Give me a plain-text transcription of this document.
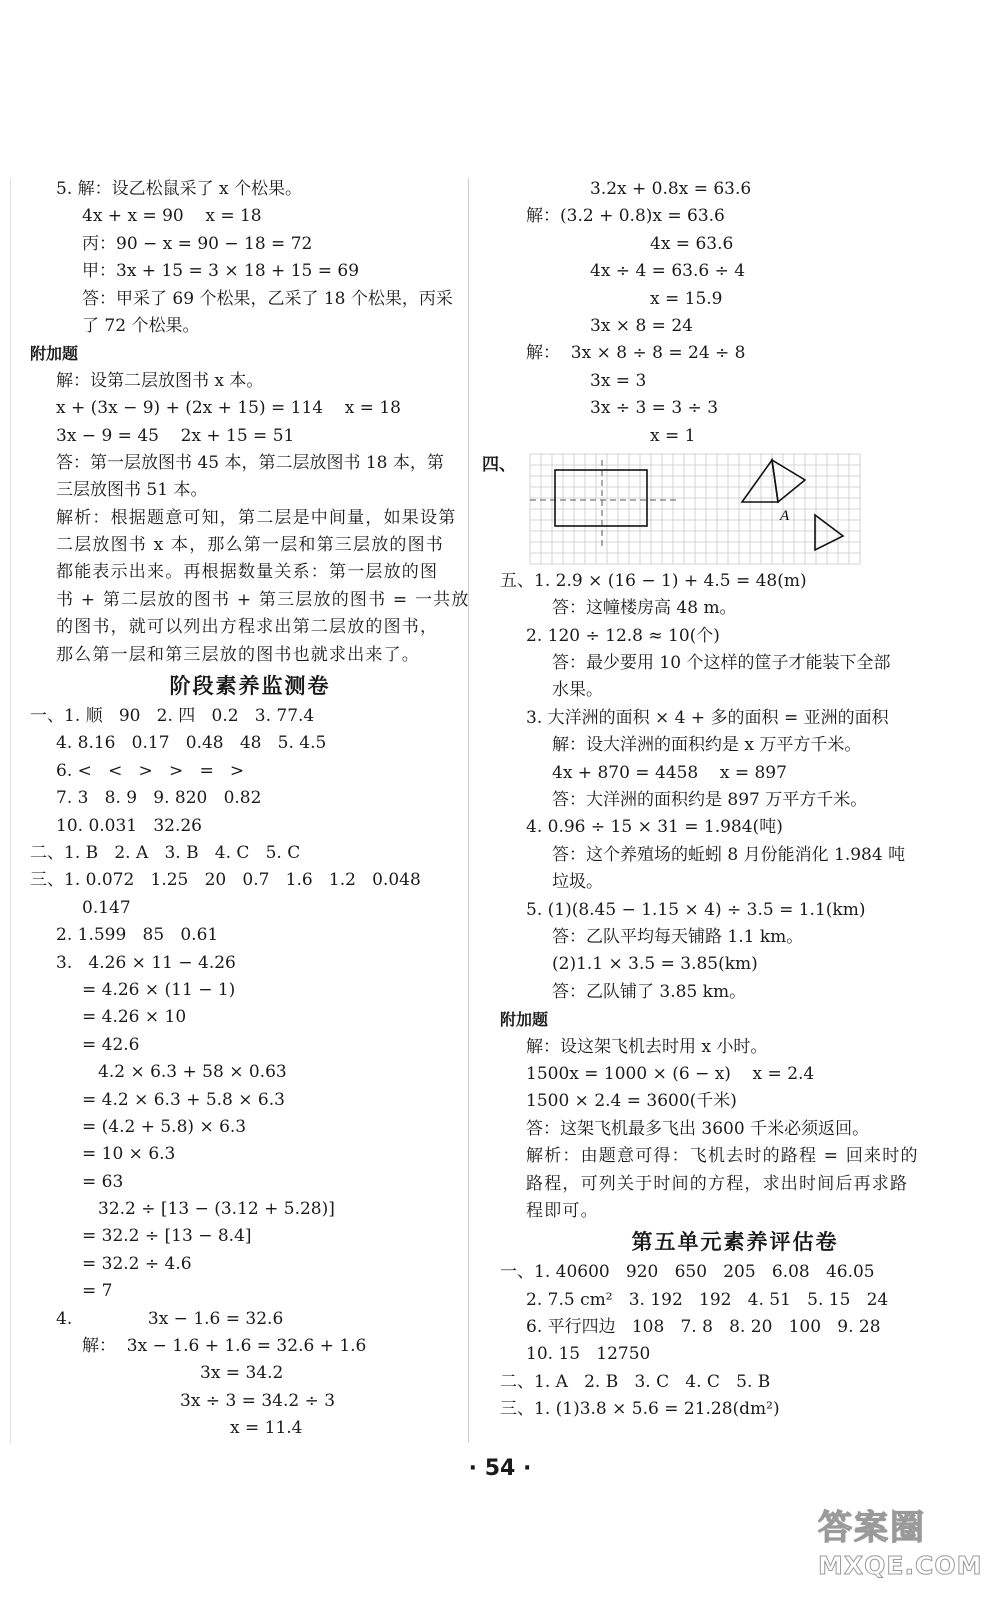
5. 解：设乙松鼠采了 x 个松果。
4x + x = 90    x = 18
丙：90 − x = 90 − 18 = 72
甲：3x + 15 = 3 × 18 + 15 = 69
答：甲采了 69 个松果，乙采了 18 个松果，丙采
了 72 个松果。
附加题
解：设第二层放图书 x 本。
x + (3x − 9) + (2x + 15) = 114    x = 18
3x − 9 = 45    2x + 15 = 51
答：第一层放图书 45 本，第二层放图书 18 本，第
三层放图书 51 本。
解析：根据题意可知，第二层是中间量，如果设第
二层放图书 x 本，那么第一层和第三层放的图书
都能表示出来。再根据数量关系：第一层放的图
书 + 第二层放的图书 + 第三层放的图书 = 一共放
的图书，就可以列出方程求出第二层放的图书，
那么第一层和第三层放的图书也就求出来了。
阶段素养监测卷
一、1. 顺   90   2. 四   0.2   3. 77.4
4. 8.16   0.17   0.48   48   5. 4.5
6. <   <   >   >   =   >
7. 3   8. 9   9. 820   0.82
10. 0.031   32.26
二、1. B   2. A   3. B   4. C   5. C
三、1. 0.072   1.25   20   0.7   1.6   1.2   0.048
0.147
2. 1.599   85   0.61
3.   4.26 × 11 − 4.26
= 4.26 × (11 − 1)
= 4.26 × 10
= 42.6
4.2 × 6.3 + 58 × 0.63
= 4.2 × 6.3 + 5.8 × 6.3
= (4.2 + 5.8) × 6.3
= 10 × 6.3
= 63
32.2 ÷ [13 − (3.12 + 5.28)]
= 32.2 ÷ [13 − 8.4]
= 32.2 ÷ 4.6
= 7
4.              3x − 1.6 = 32.6
解：  3x − 1.6 + 1.6 = 32.6 + 1.6
3x = 34.2
3x ÷ 3 = 34.2 ÷ 3
x = 11.4
3.2x + 0.8x = 63.6
解：(3.2 + 0.8)x = 63.6
4x = 63.6
4x ÷ 4 = 63.6 ÷ 4
x = 15.9
3x × 8 = 24
解：  3x × 8 ÷ 8 = 24 ÷ 8
3x = 3
3x ÷ 3 = 3 ÷ 3
x = 1
四、
A
五、1. 2.9 × (16 − 1) + 4.5 = 48(m)
答：这幢楼房高 48 m。
2. 120 ÷ 12.8 ≈ 10(个)
答：最少要用 10 个这样的筐子才能装下全部
水果。
3. 大洋洲的面积 × 4 + 多的面积 = 亚洲的面积
解：设大洋洲的面积约是 x 万平方千米。
4x + 870 = 4458    x = 897
答：大洋洲的面积约是 897 万平方千米。
4. 0.96 ÷ 15 × 31 = 1.984(吨)
答：这个养殖场的蚯蚓 8 月份能消化 1.984 吨
垃圾。
5. (1)(8.45 − 1.15 × 4) ÷ 3.5 = 1.1(km)
答：乙队平均每天铺路 1.1 km。
(2)1.1 × 3.5 = 3.85(km)
答：乙队铺了 3.85 km。
附加题
解：设这架飞机去时用 x 小时。
1500x = 1000 × (6 − x)    x = 2.4
1500 × 2.4 = 3600(千米)
答：这架飞机最多飞出 3600 千米必须返回。
解析：由题意可得：飞机去时的路程 = 回来时的
路程，可列关于时间的方程，求出时间后再求路
程即可。
第五单元素养评估卷
一、1. 40600   920   650   205   6.08   46.05
2. 7.5 cm²   3. 192   192   4. 51   5. 15   24
6. 平行四边   108   7. 8   8. 20   100   9. 28
10. 15   12750
二、1. A   2. B   3. C   4. C   5. B
三、1. (1)3.8 × 5.6 = 21.28(dm²)
· 54 ·
答案圈
MXQE.COM
